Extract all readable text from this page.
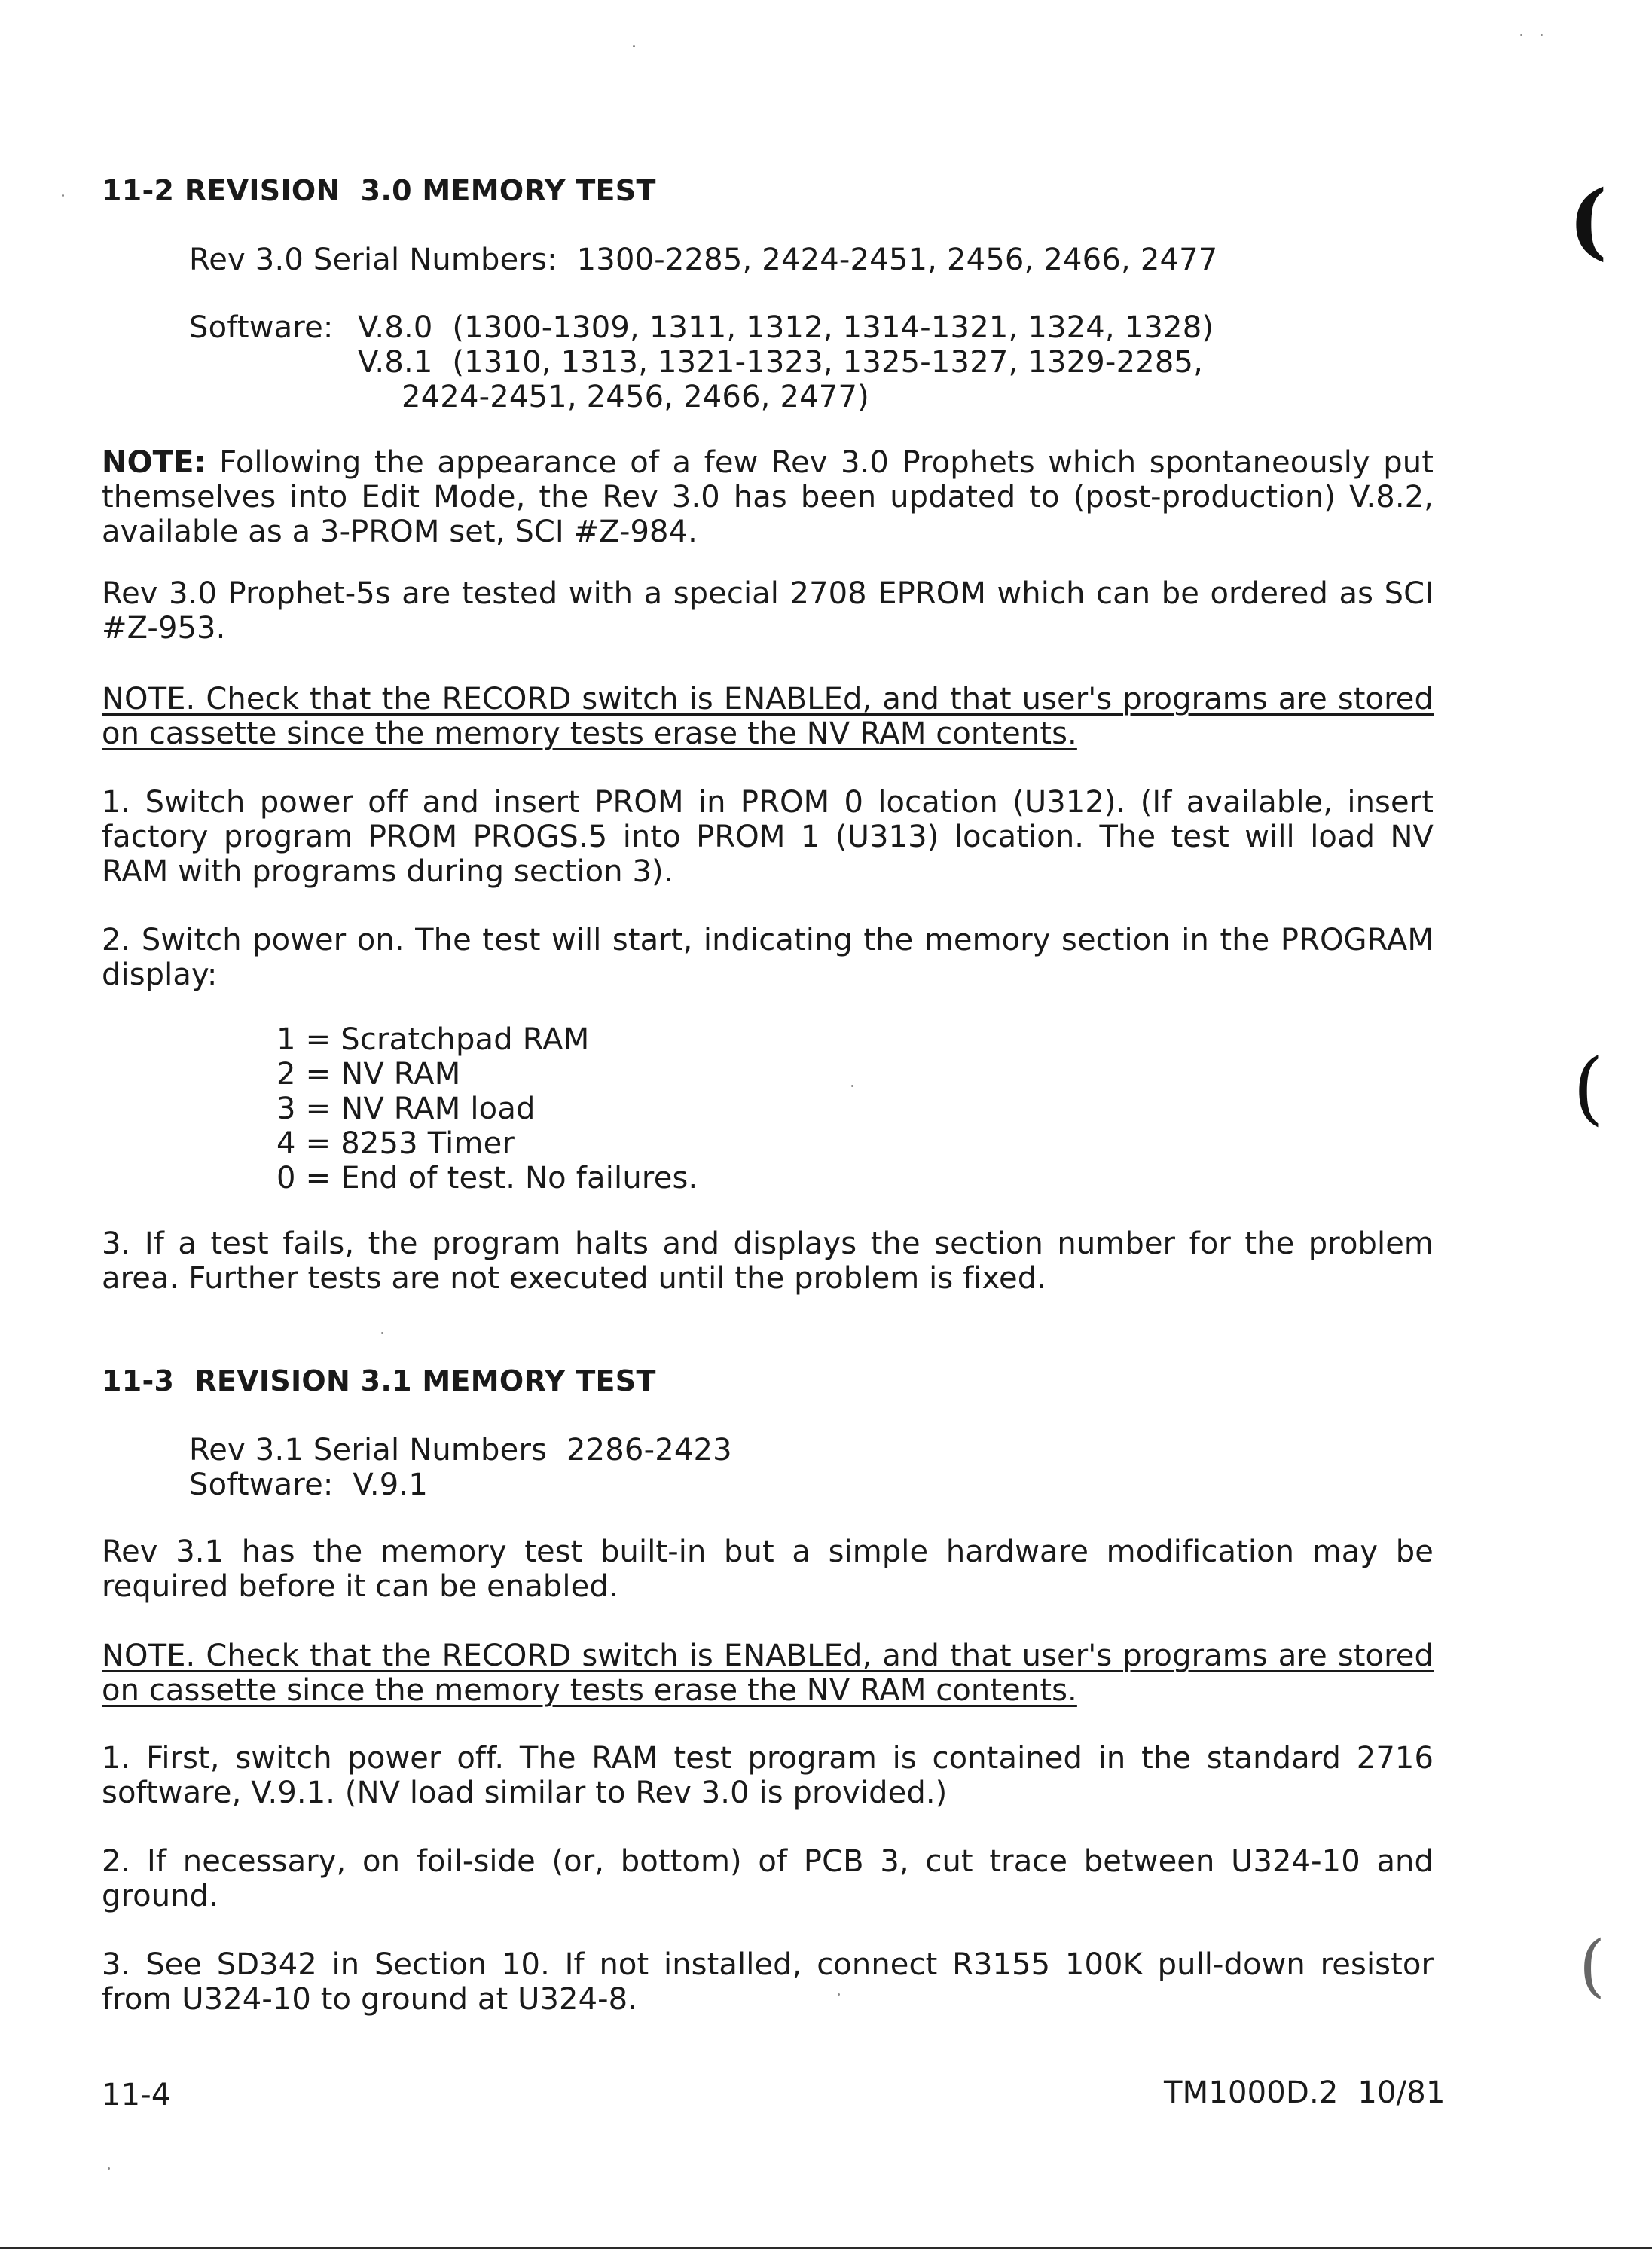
11-2 REVISION  3.0 MEMORY TEST
Rev 3.0 Serial Numbers:  1300-2285, 2424-2451, 2456, 2466, 2477
Software: V.8.0  (1300-1309, 1311, 1312, 1314-1321, 1324, 1328)
V.8.1  (1310, 1313, 1321-1323, 1325-1327, 1329-2285,
2424-2451, 2456, 2466, 2477)
NOTE: Following the appearance of a few Rev 3.0 Prophets which spontaneously put themselves into Edit Mode, the Rev 3.0 has been updated to (post-production) V.8.2, available as a 3-PROM set, SCI #Z-984.
Rev 3.0 Prophet-5s are tested with a special 2708 EPROM which can be ordered as SCI #Z-953.
NOTE. Check that the RECORD switch is ENABLEd, and that user's programs are stored on cassette since the memory tests erase the NV RAM contents.
1. Switch power off and insert PROM in PROM 0 location (U312). (If available, insert factory program PROM PROGS.5 into PROM 1 (U313) location. The test will load NV RAM with programs during section 3).
2. Switch power on. The test will start, indicating the memory section in the PROGRAM display:
1 = Scratchpad RAM
2 = NV RAM
3 = NV RAM load
4 = 8253 Timer
0 = End of test. No failures.
3. If a test fails, the program halts and displays the section number for the problem area. Further tests are not executed until the problem is fixed.
11-3  REVISION 3.1 MEMORY TEST
Rev 3.1 Serial Numbers  2286-2423
Software:  V.9.1
Rev 3.1 has the memory test built-in but a simple hardware modification may be required before it can be enabled.
NOTE. Check that the RECORD switch is ENABLEd, and that user's programs are stored on cassette since the memory tests erase the NV RAM contents.
1. First, switch power off. The RAM test program is contained in the standard 2716 software, V.9.1. (NV load similar to Rev 3.0 is provided.)
2. If necessary, on foil-side (or, bottom) of PCB 3, cut trace between U324-10 and ground.
3. See SD342 in Section 10. If not installed, connect R3155 100K pull-down resistor from U324-10 to ground at U324-8.
11-4	TM1000D.2  10/81
(
(
(
